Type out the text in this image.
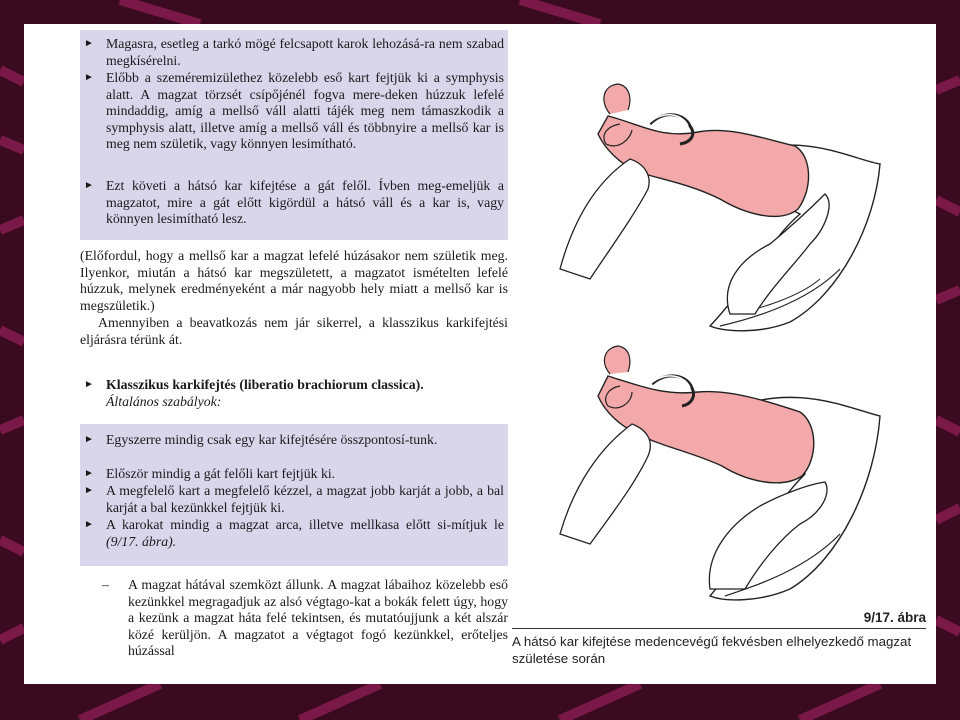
► Magasra, esetleg a tarkó mögé felcsapott karok lehozásá-ra nem szabad megkísérelni.
► Előbb a szeméremizülethez közelebb eső kart fejtjük ki a symphysis alatt. A magzat törzsét csípőjénél fogva mere-deken húzzuk lefelé mindaddig, amíg a mellső váll alatti tájék meg nem támaszkodik a symphysis alatt, illetve amíg a mellső váll és többnyire a mellső kar is meg nem születik, vagy könnyen lesimítható.
► Ezt követi a hátsó kar kifejtése a gát felől. Ívben meg-emeljük a magzatot, mire a gát előtt kigördül a hátsó váll és a kar is, vagy könnyen lesimítható lesz.
(Előfordul, hogy a mellső kar a magzat lefelé húzásakor nem születik meg. Ilyenkor, miután a hátsó kar megszületett, a magzatot ismételten lefelé húzzuk, melynek eredményeként a már nagyobb hely miatt a mellső kar is megszületik.)
Amennyiben a beavatkozás nem jár sikerrel, a klasszikus karkifejtési eljárásra térünk át.
► Klasszikus karkifejtés (liberatio brachiorum classica).
Általános szabályok:
► Egyszerre mindig csak egy kar kifejtésére összpontosí-tunk.
► Először mindig a gát felőli kart fejtjük ki.
► A megfelelő kart a megfelelő kézzel, a magzat jobb karját a jobb, a bal karját a bal kezünkkel fejtjük ki.
► A karokat mindig a magzat arca, illetve mellkasa előtt si-mítjuk le (9/17. ábra).
–	A magzat hátával szemközt állunk. A magzat lábaihoz közelebb eső kezünkkel megragadjuk az alsó végtago-kat a bokák felett úgy, hogy a kezünk a magzat háta felé tekintsen, és mutatóujjunk a két alszár közé kerüljön. A magzatot a végtagot fogó kezünkkel, erőteljes húzással
9/17. ábra
A hátsó kar kifejtése medencevégű fekvésben elhelyezkedő magzat születése során
